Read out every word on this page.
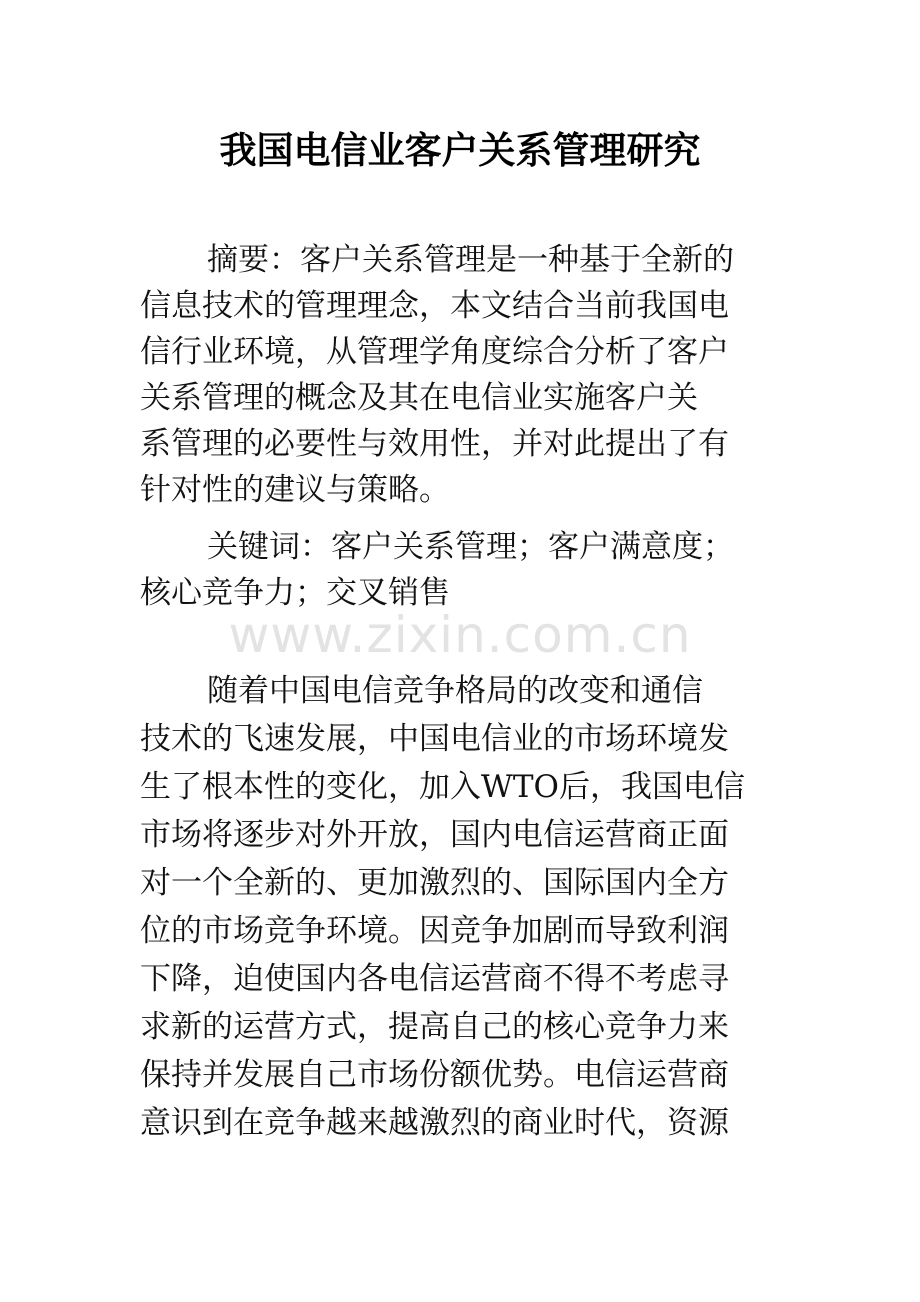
我国电信业客户关系管理研究

摘要：客户关系管理是一种基于全新的

信息技术的管理理念，本文结合当前我国电

信行业环境，从管理学角度综合分析了客户

关系管理的概念及其在电信业实施客户关

系管理的必要性与效用性，并对此提出了有

针对性的建议与策略。

关键词：客户关系管理；客户满意度；

核心竞争力；交叉销售

www.zixin.com.cn

随着中国电信竞争格局的改变和通信

技术的飞速发展，中国电信业的市场环境发

生了根本性的变化，加入WTO后，我国电信

市场将逐步对外开放，国内电信运营商正面

对一个全新的、更加激烈的、国际国内全方

位的市场竞争环境。因竞争加剧而导致利润

下降，迫使国内各电信运营商不得不考虑寻

求新的运营方式，提高自己的核心竞争力来

保持并发展自己市场份额优势。电信运营商

意识到在竞争越来越激烈的商业时代，资源
